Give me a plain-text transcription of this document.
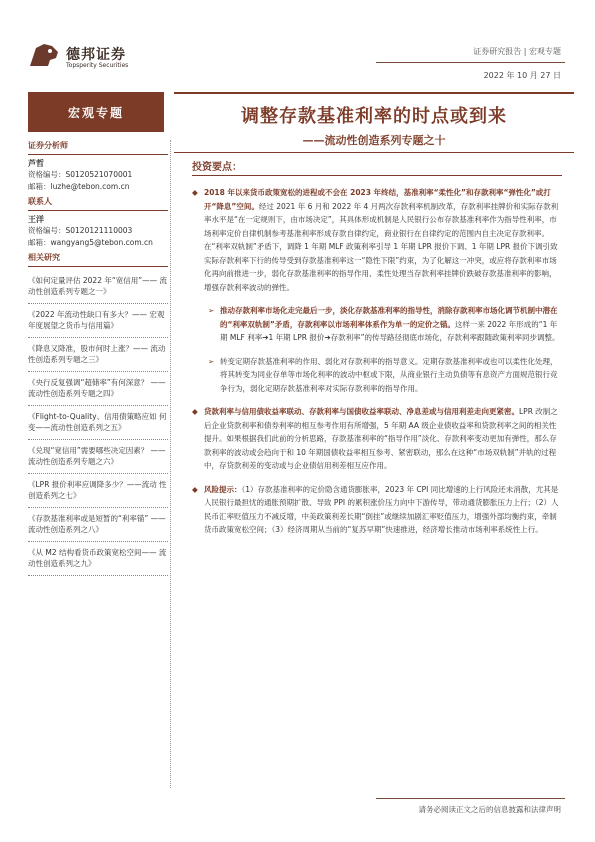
德邦证券
Topsperity Securities
证券研究报告 | 宏观专题
2022 年 10 月 27 日
宏观专题	调整存款基准利率的时点或到来
——流动性创造系列专题之十
证券分析师
芦哲
资格编号：S0120521070001
邮箱：luzhe@tebon.com.cn
联系人
王洋
资格编号：S0120121110003
邮箱：wangyang5@tebon.com.cn
相关研究
《如何定量评估 2022 年“宽信用”—— 流动性创造系列专题之一》
《2022 年流动性缺口有多大？—— 宏观年度展望之货币与信用篇》
《降息又降准，股市何时上涨？—— 流动性创造系列专题之三》
《央行反复强调“超储率”有何深意？ ——流动性创造系列专题之四》
《Flight-to-Quality、信用债策略应如 何变——流动性创造系列之五》
《兑现“宽信用”需要哪些决定因素？ ——流动性创造系列专题之六》
《LPR 报价利率应调降多少？——流动 性创造系列之七》
《存款基准利率或是短暂的“利率锚” ——流动性创造系列之八》
《从 M2 结构看货币政策宽松空间—— 流动性创造系列之九》
投资要点：
◆ 2018 年以来货币政策宽松的进程或不会在 2023 年终结，基准利率“柔性化”和存款利率“弹性化”或打开“降息”空间。经过 2021 年 6 月和 2022 年 4 月两次存款利率机制改革，存款利率挂牌价和实际存款利率水平是“在一定规则下，由市场决定”，其具体形成机制是人民银行公布存款基准利率作为指导性利率，市场利率定价自律机制参考基准利率形成存款自律约定，商业银行在自律约定的范围内自主决定存款利率。在“利率双轨制”矛盾下，调降 1 年期 MLF 政策利率引导 1 年期 LPR 报价下调、1 年期 LPR 报价下调引致实际存款利率下行的传导受到存款基准利率这一“隐性下限”约束，为了化解这一冲突，或应将存款利率市场化再向前推进一步，弱化存款基准利率的指导作用、柔性处理当存款利率挂牌价跌破存款基准利率的影响，增强存款利率波动的弹性。
➢ 推动存款利率市场化走完最后一步，淡化存款基准利率的指导性，消除存款利率市场化调节机制中潜在的“利率双轨制”矛盾，存款利率以市场利率体系作为单一的定价之锚。这样一来 2022 年形成的“1 年期 MLF 利率➔1 年期 LPR 报价➔存款利率”的传导路径彻底市场化，存款利率跟随政策利率同步调整。
➢ 转变定期存款基准利率的作用、弱化对存款利率的指导意义。定期存款基准利率或也可以柔性化处理，将其转变为同业存单等市场化利率的波动中枢或下限，从商业银行主动负债等有息资产方面规范银行竞争行为，弱化定期存款基准利率对实际存款利率的指导作用。
◆ 贷款利率与信用债收益率联动、存款利率与国债收益率联动、净息差或与信用利差走向更紧密。LPR 改制之后企业贷款利率和债券利率的相互参考作用有所增强，5 年期 AA 级企业债收益率和贷款利率之间的相关性提升。如果根据我们此前的分析思路，存款基准利率的“指导作用”淡化、存款利率变动更加有弹性，那么存款利率的波动或会趋向于和 10 年期国债收益率相互参考、紧密联动，那么在这种“市场双轨制”并轨的过程中，存贷款利差的变动或与企业债信用利差相互应作用。
◆ 风险提示：（1）存款基准利率的定价隐含通货膨胀率，2023 年 CPI 同比增速的上行风险还未消散，尤其是人民银行最担忧的通胀预期扩散、导致 PPI 的累积涨价压力向中下游传导，带动通货膨胀压力上行；（2）人民币汇率贬值压力不减反增，中美政策利差长期“倒挂”或继续加剧汇率贬值压力，增强外部均衡约束，牵制货币政策宽松空间；（3）经济周期从当前的“复苏早期”快速推进，经济增长推动市场利率系统性上行。
请务必阅读正文之后的信息披露和法律声明
